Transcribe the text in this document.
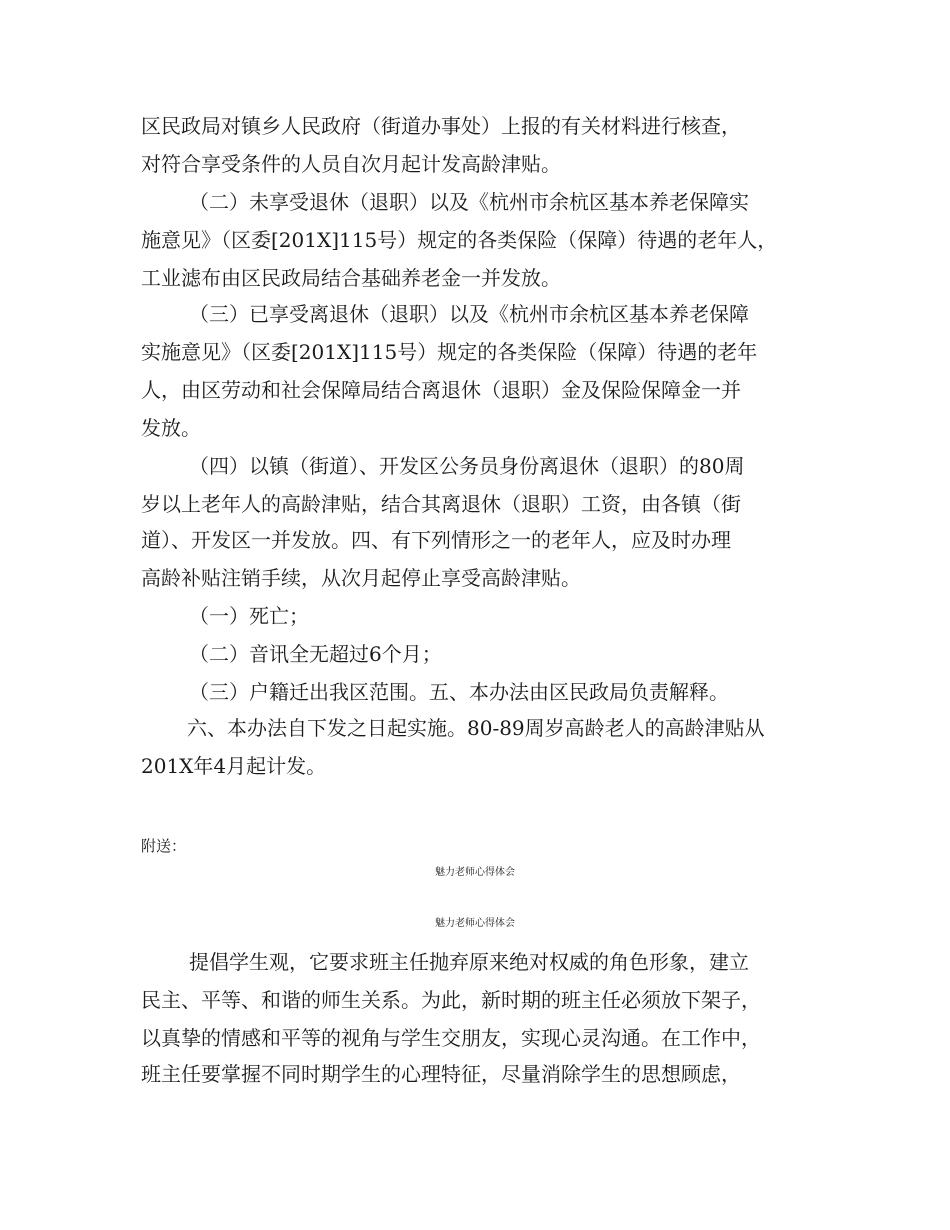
区民政局对镇乡人民政府（街道办事处）上报的有关材料进行核查，

对符合享受条件的人员自次月起计发高龄津贴。

（二）未享受退休（退职）以及《杭州市余杭区基本养老保障实

施意见》（区委[201X]115号）规定的各类保险（保障）待遇的老年人，

工业滤布由区民政局结合基础养老金一并发放。

（三）已享受离退休（退职）以及《杭州市余杭区基本养老保障

实施意见》（区委[201X]115号）规定的各类保险（保障）待遇的老年

人，由区劳动和社会保障局结合离退休（退职）金及保险保障金一并

发放。

（四）以镇（街道）、开发区公务员身份离退休（退职）的80周

岁以上老年人的高龄津贴，结合其离退休（退职）工资，由各镇（街

道）、开发区一并发放。四、有下列情形之一的老年人，应及时办理

高龄补贴注销手续，从次月起停止享受高龄津贴。

（一）死亡；

（二）音讯全无超过6个月；

（三）户籍迁出我区范围。五、本办法由区民政局负责解释。

六、本办法自下发之日起实施。80-89周岁高龄老人的高龄津贴从

201X年4月起计发。

附送：

魅力老师心得体会

魅力老师心得体会

提倡学生观，它要求班主任抛弃原来绝对权威的角色形象，建立

民主、平等、和谐的师生关系。为此，新时期的班主任必须放下架子，

以真挚的情感和平等的视角与学生交朋友，实现心灵沟通。在工作中，

班主任要掌握不同时期学生的心理特征，尽量消除学生的思想顾虑，
